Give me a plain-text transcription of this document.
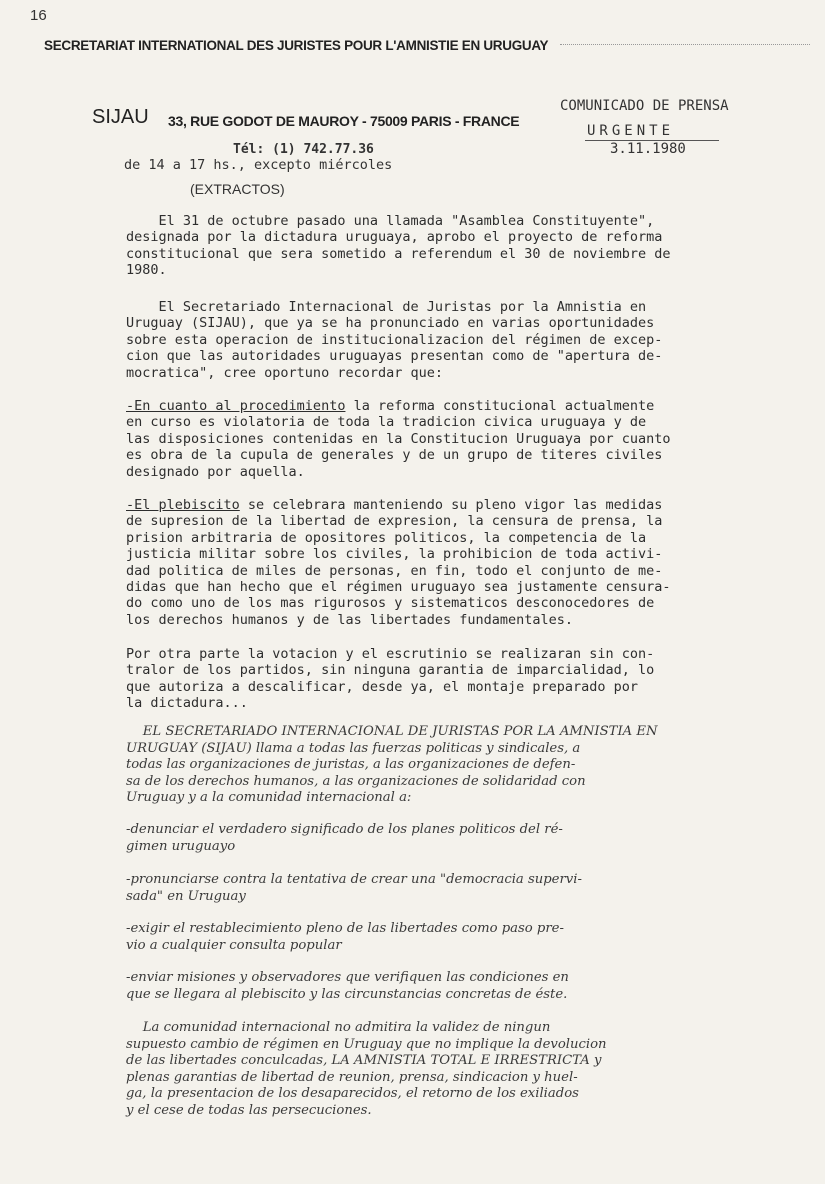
16
SECRETARIAT INTERNATIONAL DES JURISTES POUR L'AMNISTIE EN URUGUAY
SIJAU 33, RUE GODOT DE MAUROY - 75009 PARIS - FRANCE
COMUNICADO DE PRENSA
URGENTE
3.11.1980
Tél: (1) 742.77.36
de 14 a 17 hs., excepto miércoles
(EXTRACTOS)

El 31 de octubre pasado una llamada "Asamblea Constituyente",

designada por la dictadura uruguaya, aprobo el proyecto de reforma

constitucional que sera sometido a referendum el 30 de noviembre de

1980.

El Secretariado Internacional de Juristas por la Amnistia en

Uruguay (SIJAU), que ya se ha pronunciado en varias oportunidades

sobre esta operacion de institucionalizacion del régimen de excep-

cion que las autoridades uruguayas presentan como de "apertura de-

mocratica", cree oportuno recordar que:

-En cuanto al procedimiento la reforma constitucional actualmente

en curso es violatoria de toda la tradicion civica uruguaya y de

las disposiciones contenidas en la Constitucion Uruguaya por cuanto

es obra de la cupula de generales y de un grupo de titeres civiles

designado por aquella.

-El plebiscito se celebrara manteniendo su pleno vigor las medidas

de supresion de la libertad de expresion, la censura de prensa, la

prision arbitraria de opositores politicos, la competencia de la

justicia militar sobre los civiles, la prohibicion de toda activi-

dad politica de miles de personas, en fin, todo el conjunto de me-

didas que han hecho que el régimen uruguayo sea justamente censura-

do como uno de los mas rigurosos y sistematicos desconocedores de

los derechos humanos y de las libertades fundamentales.

Por otra parte la votacion y el escrutinio se realizaran sin con-

tralor de los partidos, sin ninguna garantia de imparcialidad, lo

que autoriza a descalificar, desde ya, el montaje preparado por

la dictadura...

EL SECRETARIADO INTERNACIONAL DE JURISTAS POR LA AMNISTIA EN

URUGUAY (SIJAU) llama a todas las fuerzas politicas y sindicales, a

todas las organizaciones de juristas, a las organizaciones de defen-

sa de los derechos humanos, a las organizaciones de solidaridad con

Uruguay y a la comunidad internacional a:

-denunciar el verdadero significado de los planes politicos del ré-

gimen uruguayo

-pronunciarse contra la tentativa de crear una "democracia supervi-

sada" en Uruguay

-exigir el restablecimiento pleno de las libertades como paso pre-

vio a cualquier consulta popular

-enviar misiones y observadores que verifiquen las condiciones en

que se llegara al plebiscito y las circunstancias concretas de éste.

La comunidad internacional no admitira la validez de ningun

supuesto cambio de régimen en Uruguay que no implique la devolucion

de las libertades conculcadas, LA AMNISTIA TOTAL E IRRESTRICTA y

plenas garantias de libertad de reunion, prensa, sindicacion y huel-

ga, la presentacion de los desaparecidos, el retorno de los exiliados

y el cese de todas las persecuciones.
